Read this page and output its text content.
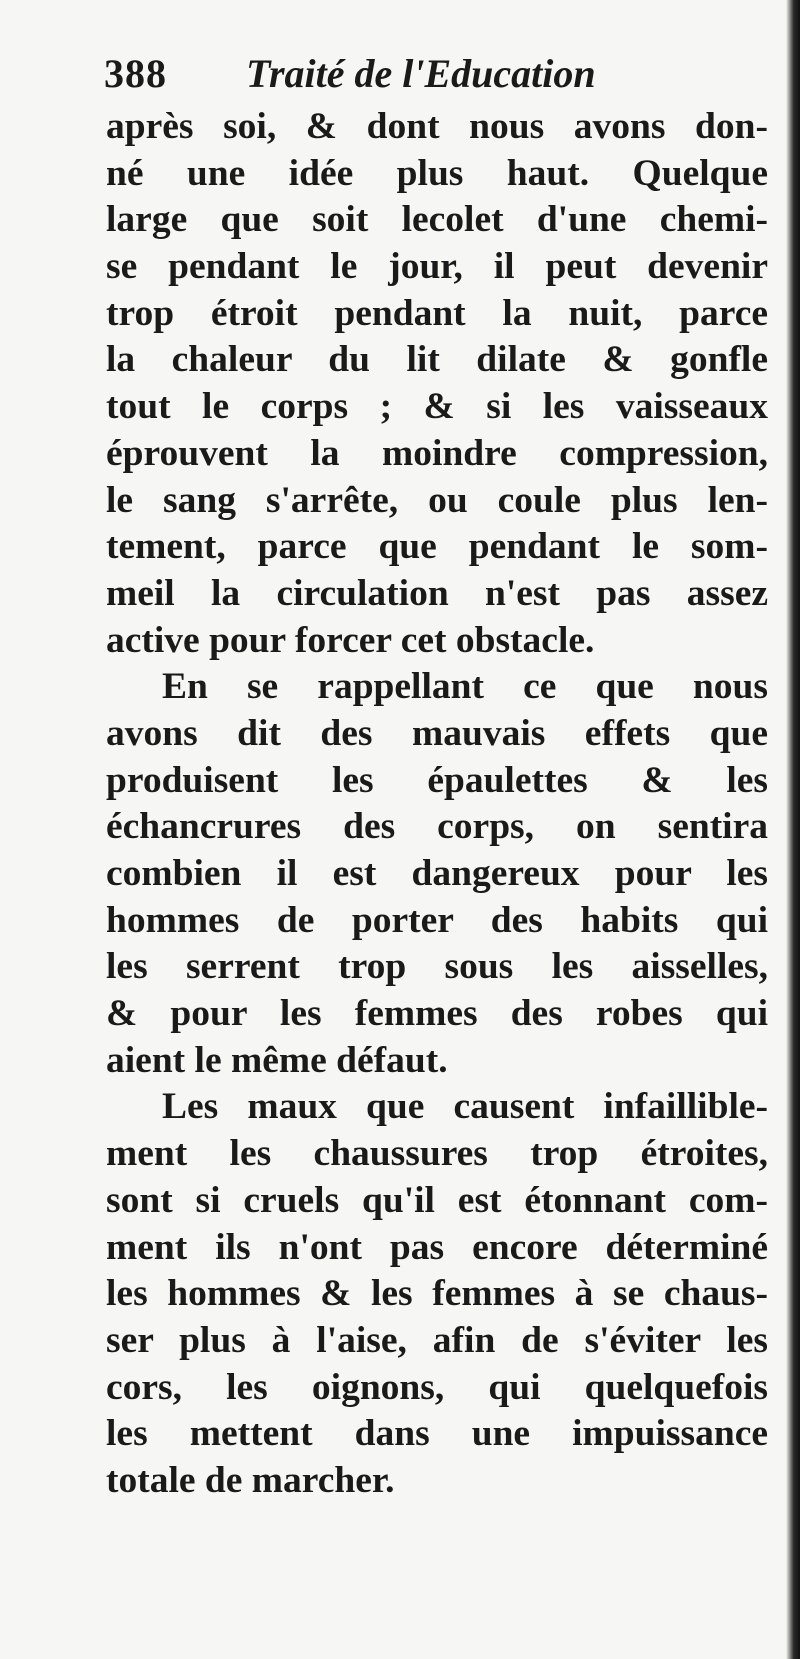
388 Traité de l'Education
après soi, & dont nous avons don-
né une idée plus haut. Quelque
large que soit lecolet d'une chemi-
se pendant le jour, il peut devenir
trop étroit pendant la nuit, parce
la chaleur du lit dilate & gonfle
tout le corps ; & si les vaisseaux
éprouvent la moindre compression,
le sang s'arrête, ou coule plus len-
tement, parce que pendant le som-
meil la circulation n'est pas assez
active pour forcer cet obstacle.
En se rappellant ce que nous
avons dit des mauvais effets que
produisent les épaulettes & les
échancrures des corps, on sentira
combien il est dangereux pour les
hommes de porter des habits qui
les serrent trop sous les aisselles,
& pour les femmes des robes qui
aient le même défaut.
Les maux que causent infaillible-
ment les chaussures trop étroites,
sont si cruels qu'il est étonnant com-
ment ils n'ont pas encore déterminé
les hommes & les femmes à se chaus-
ser plus à l'aise, afin de s'éviter les
cors, les oignons, qui quelquefois
les mettent dans une impuissance
totale de marcher.
